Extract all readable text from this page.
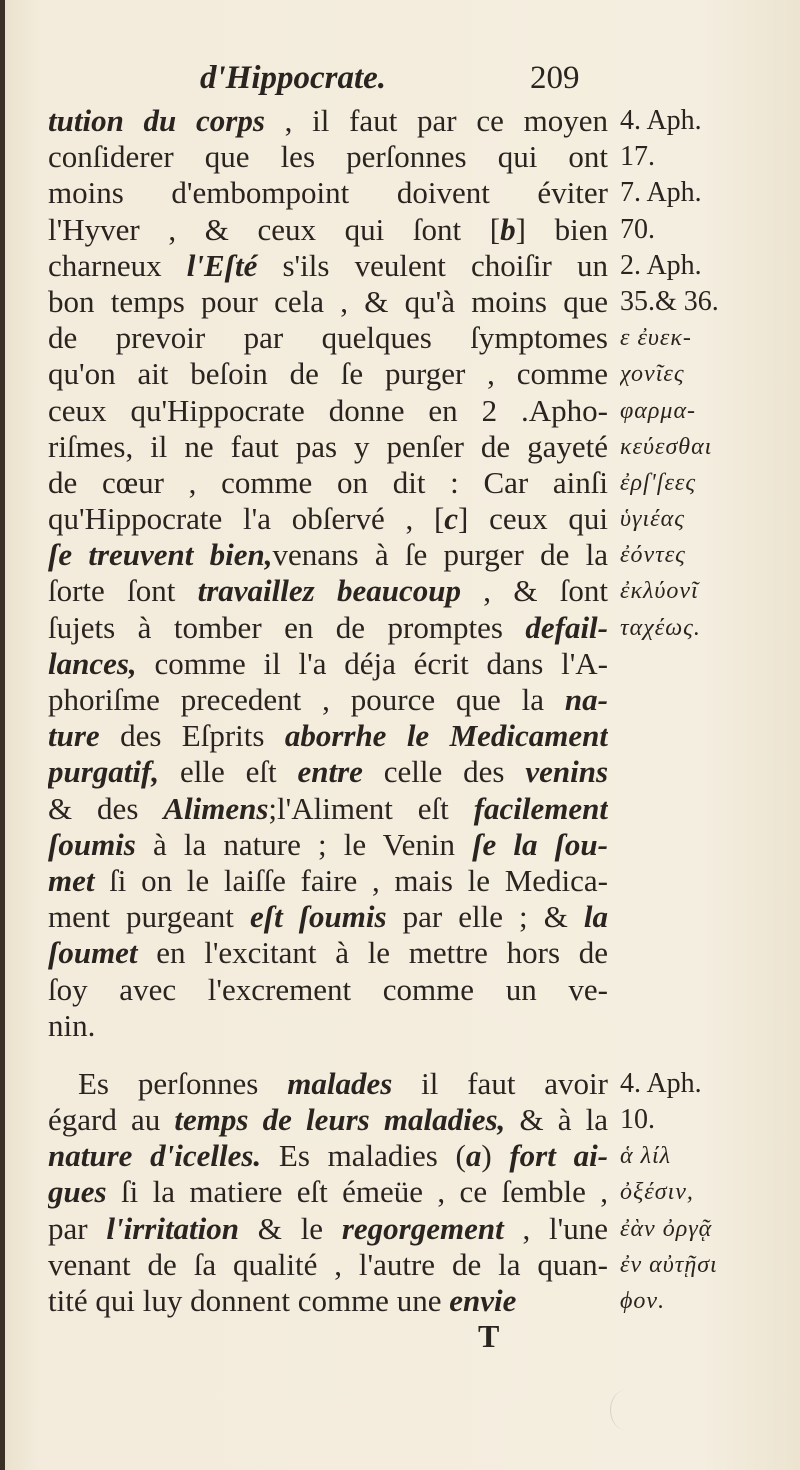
d'Hippocrate.	209
tution du corps , il faut par ce moyen
conſiderer que les perſonnes qui ont
moins d'embompoint doivent éviter
l'Hyver , & ceux qui ſont [b] bien
charneux l'Eſté s'ils veulent choiſir un
bon temps pour cela , & qu'à moins que
de prevoir par quelques ſymptomes
qu'on ait beſoin de ſe purger , comme
ceux qu'Hippocrate donne en 2 .Apho-
riſmes, il ne faut pas y penſer de gayeté
de cœur , comme on dit : Car ainſi
qu'Hippocrate l'a obſervé , [c] ceux qui
ſe treuvent bien,venans à ſe purger de la
ſorte ſont travaillez beaucoup , & ſont
ſujets à tomber en de promptes defail-
lances, comme il l'a déja écrit dans l'A-
phoriſme precedent , pource que la na-
ture des Eſprits aborrhe le Medicament
purgatif, elle eſt entre celle des venins
& des Alimens;l'Aliment eſt facilement
ſoumis à la nature ; le Venin ſe la ſou-
met ſi on le laiſſe faire , mais le Medica-
ment purgeant eſt ſoumis par elle ; & la
ſoumet en l'excitant à le mettre hors de
ſoy avec l'excrement comme un ve-
nin.
Es perſonnes malades il faut avoir
égard au temps de leurs maladies, & à la
nature d'icelles. Es maladies (a) fort ai-
gues ſi la matiere eſt émeüe , ce ſemble ,
par l'irritation & le regorgement , l'une
venant de ſa qualité , l'autre de la quan-
tité qui luy donnent comme une envie
4. Aph.
17.
7. Aph.
70.
2. Aph.
35.& 36.
ε ἐυεκ-
χονῖες
φαρμα-
κεύεσθαι
ἐρſ'ſεες
ὑγιέας
ἐόντες
ἐκλύονῖ
ταχέως.
4. Aph.
10.
ἁ λίλ
ὀξέσιν,
ἐὰν ὀργᾷ
ἐν αὐτῇσι
ϕον.
T
